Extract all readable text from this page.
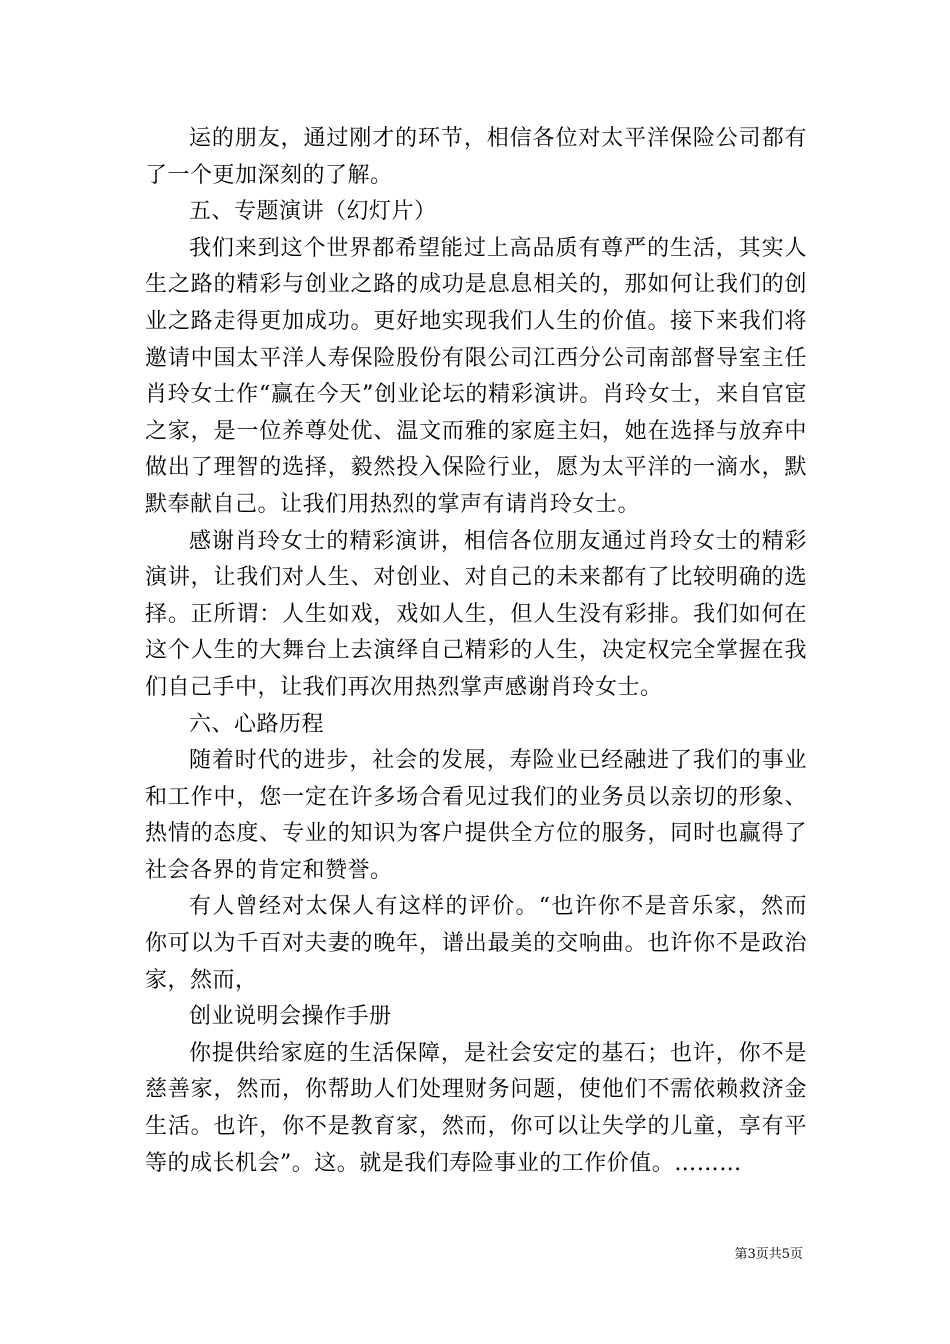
运的朋友，通过刚才的环节，相信各位对太平洋保险公司都有了一个更加深刻的了解。

五、专题演讲（幻灯片）

我们来到这个世界都希望能过上高品质有尊严的生活，其实人生之路的精彩与创业之路的成功是息息相关的，那如何让我们的创业之路走得更加成功。更好地实现我们人生的价值。接下来我们将邀请中国太平洋人寿保险股份有限公司江西分公司南部督导室主任肖玲女士作“赢在今天”创业论坛的精彩演讲。肖玲女士，来自官宦之家，是一位养尊处优、温文而雅的家庭主妇，她在选择与放弃中做出了理智的选择，毅然投入保险行业，愿为太平洋的一滴水，默默奉献自己。让我们用热烈的掌声有请肖玲女士。

感谢肖玲女士的精彩演讲，相信各位朋友通过肖玲女士的精彩演讲，让我们对人生、对创业、对自己的未来都有了比较明确的选择。正所谓：人生如戏，戏如人生，但人生没有彩排。我们如何在这个人生的大舞台上去演绎自己精彩的人生，决定权完全掌握在我们自己手中，让我们再次用热烈掌声感谢肖玲女士。

六、心路历程

随着时代的进步，社会的发展，寿险业已经融进了我们的事业和工作中，您一定在许多场合看见过我们的业务员以亲切的形象、热情的态度、专业的知识为客户提供全方位的服务，同时也赢得了社会各界的肯定和赞誉。

有人曾经对太保人有这样的评价。“也许你不是音乐家，然而你可以为千百对夫妻的晚年，谱出最美的交响曲。也许你不是政治家，然而，

创业说明会操作手册

你提供给家庭的生活保障，是社会安定的基石；也许，你不是慈善家，然而，你帮助人们处理财务问题，使他们不需依赖救济金生活。也许，你不是教育家，然而，你可以让失学的儿童，享有平等的成长机会”。这。就是我们寿险事业的工作价值。………

第3页共5页
